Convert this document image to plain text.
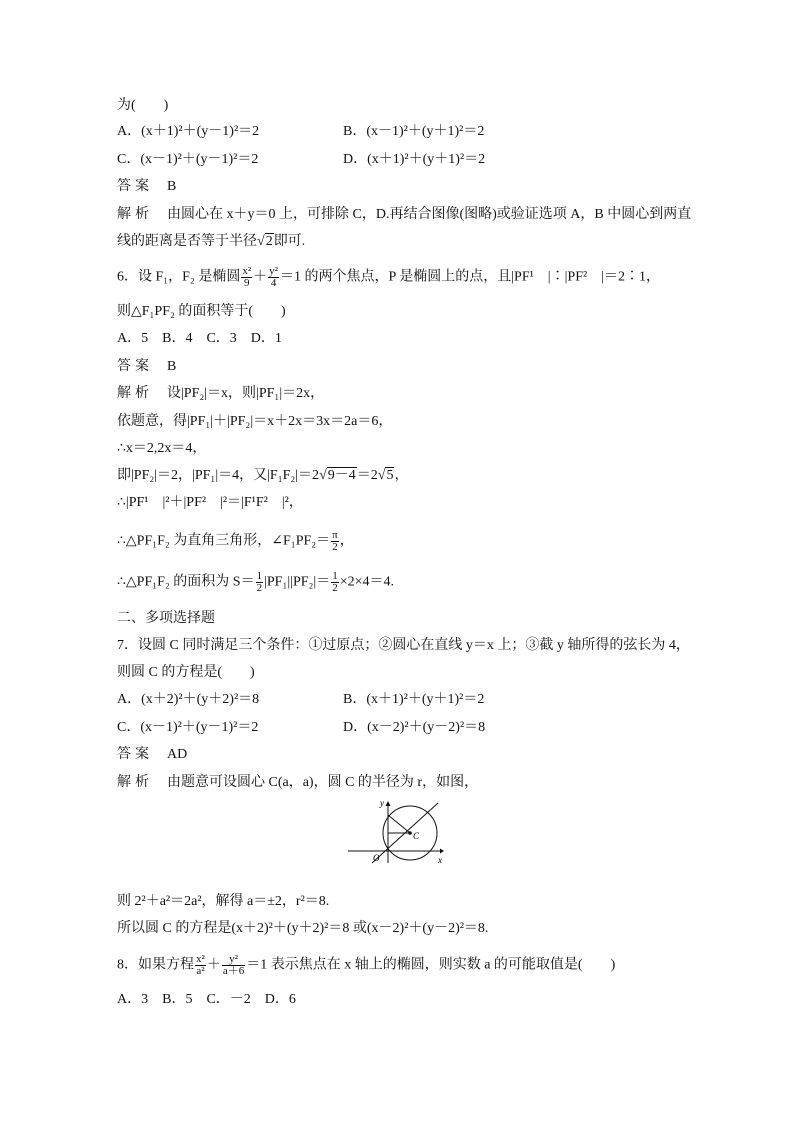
为(　　)
A．(x＋1)²＋(y－1)²＝2	B．(x－1)²＋(y＋1)²＝2
C．(x－1)²＋(y－1)²＝2	D．(x＋1)²＋(y＋1)²＝2
答案　 B
解析　 由圆心在 x＋y＝0 上，可排除 C，D.再结合图像(图略)或验证选项 A，B 中圆心到两直
线的距离是否等于半径√2即可.
6．设 F₁，F₂ 是椭圆 $\frac{\text{x²}}{9} + \frac{\text{y²}}{4} =1$ 的两个焦点，P 是椭圆上的点，且|PF¹　|∶|PF²　|＝2∶1，
则△F₁PF₂ 的面积等于(　　)
A．5　B．4　C．3　D．1
答案　 B
解析　 设|PF₂|＝x，则|PF₁|＝2x，
依题意，得|PF₁|＋|PF₂|＝x＋2x＝3x＝2a＝6，
∴x＝2,2x＝4，
即|PF₂|＝2，|PF₁|＝4，又|F₁F₂|＝2√9－4＝2√5，
∴|PF¹　|²＋|PF²　|²＝|F¹F²　|²，
∴△PF₁F₂ 为直角三角形，∠F₁PF₂＝ $\frac{\pi}{2}$ ，
∴△PF₁F₂ 的面积为 $S= \frac{1}{2} |PF_1||PF_2|= \frac{1}{2} \times 2\times 4=4$.
二、多项选择题
7．设圆 C 同时满足三个条件：①过原点；②圆心在直线 y＝x 上；③截 y 轴所得的弦长为 4，
则圆 C 的方程是(　　)
A．(x＋2)²＋(y＋2)²＝8	B．(x＋1)²＋(y＋1)²＝2
C．(x－1)²＋(y－1)²＝2	D．(x－2)²＋(y－2)²＝8
答案　 AD
解析　 由题意可设圆心 C(a，a)，圆 C 的半径为 r，如图，
y
x
O
C
则 2²＋a²＝2a²，解得 a＝±2，r²＝8.
所以圆 C 的方程是(x＋2)²＋(y＋2)²＝8 或(x－2)²＋(y－2)²＝8.
8．如果方程 $\frac{\text{x²}}{\text{a²}} + \frac{\text{y²}}{a+6} =1$ 表示焦点在 x 轴上的椭圆，则实数 a 的可能取值是(　　)
A．3　B．5　C．－2　D．6
